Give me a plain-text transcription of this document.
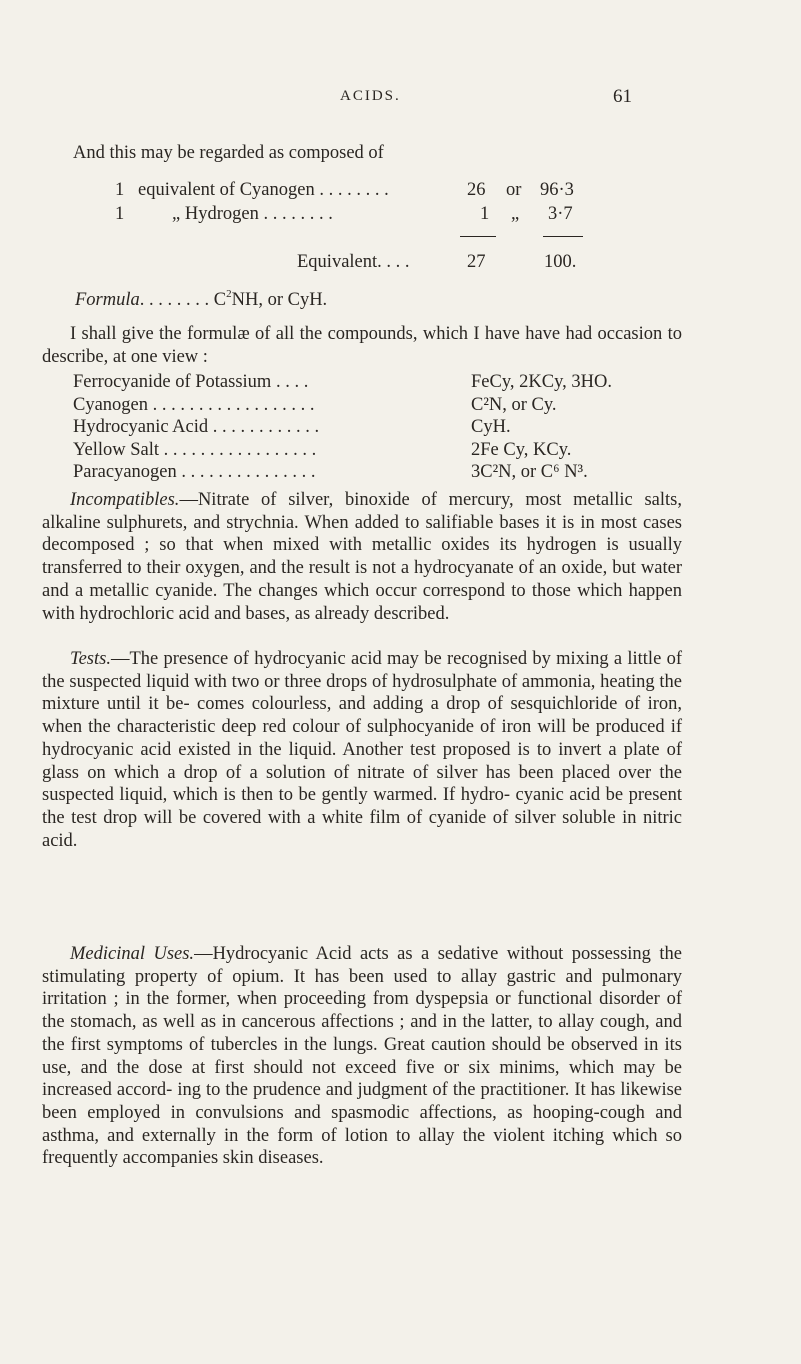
ACIDS.	61
And this may be regarded as composed of
1 equivalent of Cyanogen . . . . . . . .	26 or 96·3
1	„ Hydrogen . . . . . . . .	1 „ 3·7
Equivalent. . . .	27	100.
Formula. . . . . . . . $C^2NH$, or CyH.
I shall give the formulæ of all the compounds, which I have have had occasion to describe, at one view :
Ferrocyanide of Potassium . . . .	FeCy, 2KCy, 3HO.
Cyanogen . . . . . . . . . . . . . . . . . .	C²N, or Cy.
Hydrocyanic Acid . . . . . . . . . . . .	CyH.
Yellow Salt . . . . . . . . . . . . . . . . .	2Fe Cy, KCy.
Paracyanogen . . . . . . . . . . . . . . .	3C²N, or C⁶ N³.
Incompatibles.—Nitrate of silver, binoxide of mercury, most metallic salts, alkaline sulphurets, and strychnia. When added to salifiable bases it is in most cases decomposed ; so that when mixed with metallic oxides its hydrogen is usually transferred to their oxygen, and the result is not a hydrocyanate of an oxide, but water and a metallic cyanide. The changes which occur correspond to those which happen with hydrochloric acid and bases, as already described.
Tests.—The presence of hydrocyanic acid may be recognised by mixing a little of the suspected liquid with two or three drops of hydrosulphate of ammonia, heating the mixture until it be- comes colourless, and adding a drop of sesquichloride of iron, when the characteristic deep red colour of sulphocyanide of iron will be produced if hydrocyanic acid existed in the liquid. Another test proposed is to invert a plate of glass on which a drop of a solution of nitrate of silver has been placed over the suspected liquid, which is then to be gently warmed. If hydro- cyanic acid be present the test drop will be covered with a white film of cyanide of silver soluble in nitric acid.
Medicinal Uses.—Hydrocyanic Acid acts as a sedative without possessing the stimulating property of opium. It has been used to allay gastric and pulmonary irritation ; in the former, when proceeding from dyspepsia or functional disorder of the stomach, as well as in cancerous affections ; and in the latter, to allay cough, and the first symptoms of tubercles in the lungs. Great caution should be observed in its use, and the dose at first should not exceed five or six minims, which may be increased accord- ing to the prudence and judgment of the practitioner. It has likewise been employed in convulsions and spasmodic affections, as hooping-cough and asthma, and externally in the form of lotion to allay the violent itching which so frequently accompanies skin diseases.
